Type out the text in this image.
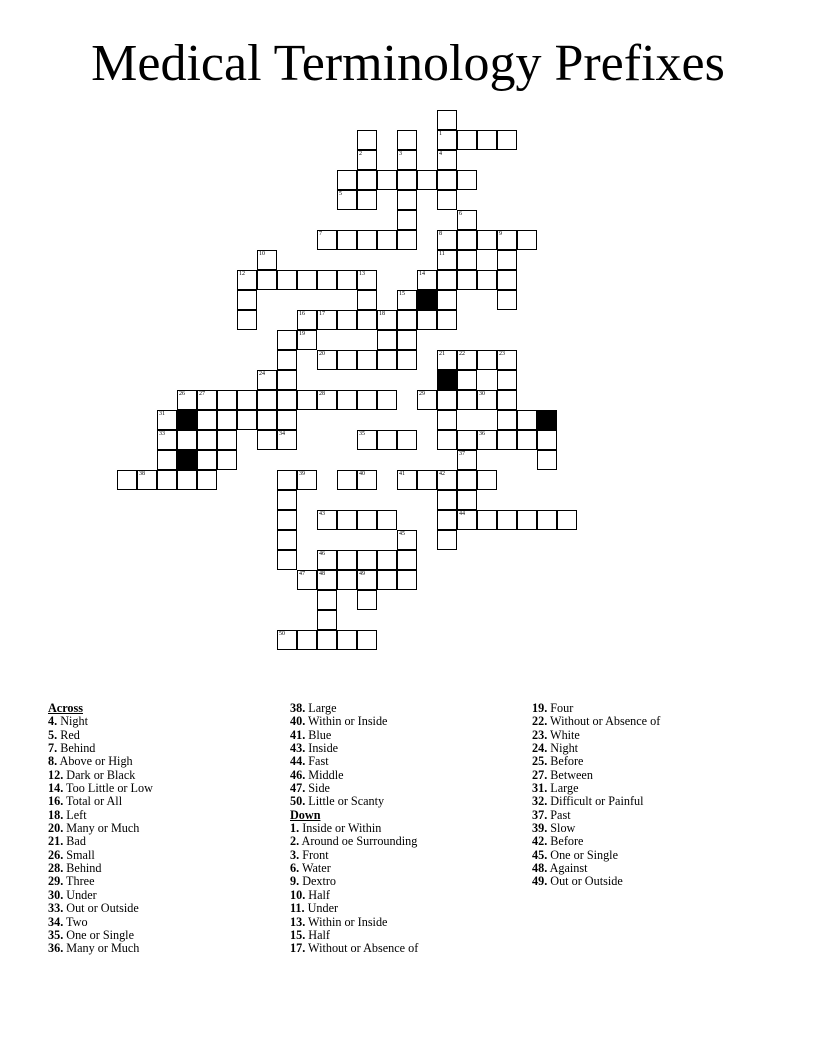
Medical Terminology Prefixes
1
2	3	4
6
7	8	9
10
12	13	14
15
16 17	18
20	21 22	23
25
26 27	28	29	30
31	32
33	34	35	36
37
38	40	41	42
43	44
45
46
47 48	49
50
24
5
11
19
39
Across
4. Night
5. Red
7. Behind
8. Above or High
12. Dark or Black
14. Too Little or Low
16. Total or All
18. Left
20. Many or Much
21. Bad
26. Small
28. Behind
29. Three
30. Under
33. Out or Outside
34. Two
35. One or Single
36. Many or Much
38. Large
40. Within or Inside
41. Blue
43. Inside
44. Fast
46. Middle
47. Side
50. Little or Scanty
Down
1. Inside or Within
2. Around oe Surrounding
3. Front
6. Water
9. Dextro
10. Half
11. Under
13. Within or Inside
15. Half
17. Without or Absence of
19. Four
22. Without or Absence of
23. White
24. Night
25. Before
27. Between
31. Large
32. Difficult or Painful
37. Past
39. Slow
42. Before
45. One or Single
48. Against
49. Out or Outside
